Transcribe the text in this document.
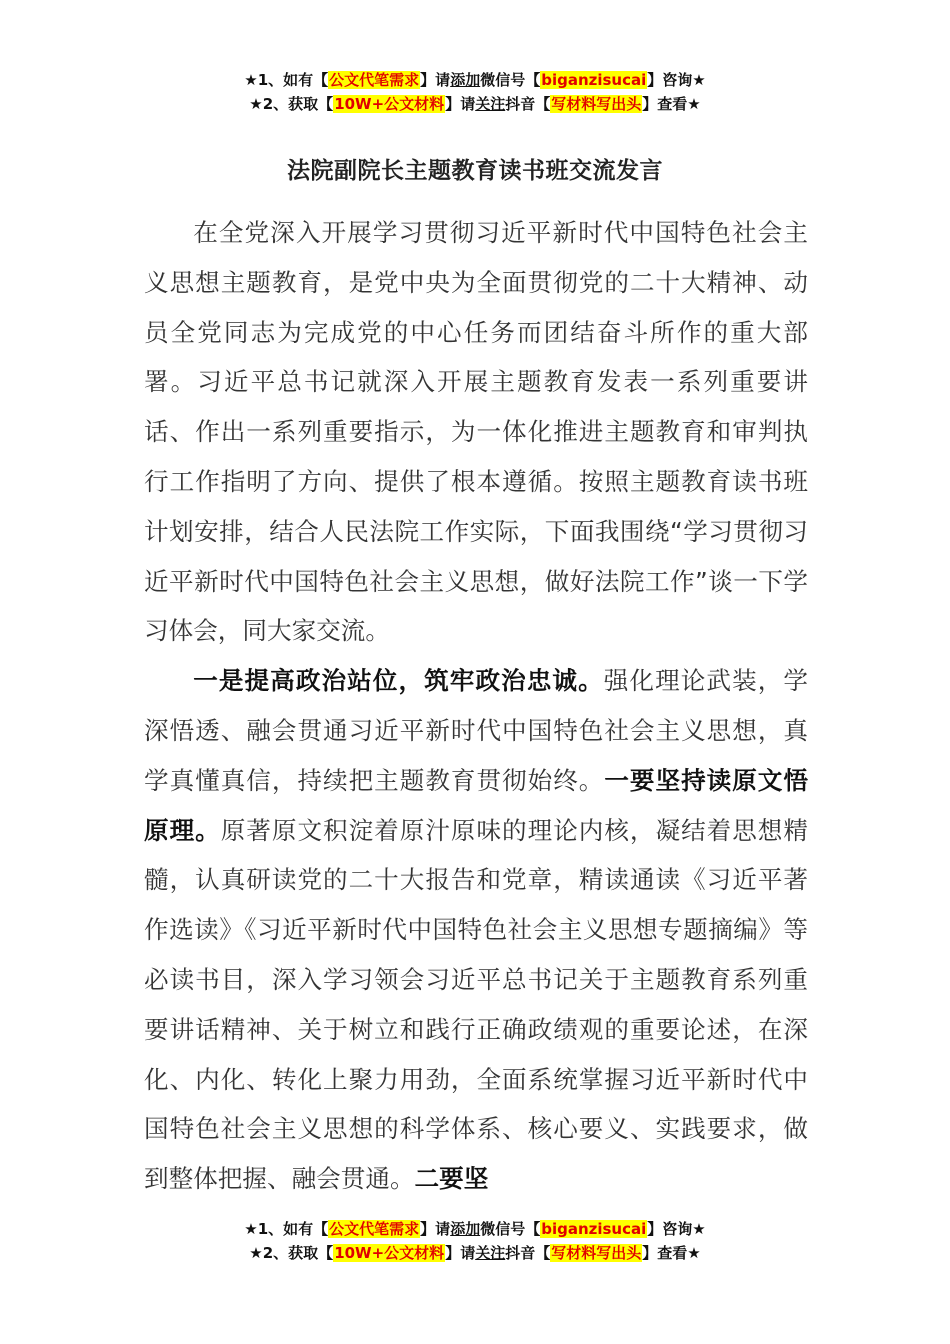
★1、如有【公文代笔需求】请添加微信号【biganzisucai】咨询★
★2、获取【10W+公文材料】请关注抖音【写材料写出头】查看★
法院副院长主题教育读书班交流发言

在全党深入开展学习贯彻习近平新时代中国特色社会主义思想主题教育，是党中央为全面贯彻党的二十大精神、动员全党同志为完成党的中心任务而团结奋斗所作的重大部署。习近平总书记就深入开展主题教育发表一系列重要讲话、作出一系列重要指示，为一体化推进主题教育和审判执行工作指明了方向、提供了根本遵循。按照主题教育读书班计划安排，结合人民法院工作实际，下面我围绕“学习贯彻习近平新时代中国特色社会主义思想，做好法院工作”谈一下学习体会，同大家交流。

一是提高政治站位，筑牢政治忠诚。强化理论武装，学深悟透、融会贯通习近平新时代中国特色社会主义思想，真学真懂真信，持续把主题教育贯彻始终。一要坚持读原文悟原理。原著原文积淀着原汁原味的理论内核，凝结着思想精髓，认真研读党的二十大报告和党章，精读通读《习近平著作选读》《习近平新时代中国特色社会主义思想专题摘编》等必读书目，深入学习领会习近平总书记关于主题教育系列重要讲话精神、关于树立和践行正确政绩观的重要论述，在深化、内化、转化上聚力用劲，全面系统掌握习近平新时代中国特色社会主义思想的科学体系、核心要义、实践要求，做到整体把握、融会贯通。二要坚

★1、如有【公文代笔需求】请添加微信号【biganzisucai】咨询★
★2、获取【10W+公文材料】请关注抖音【写材料写出头】查看★
